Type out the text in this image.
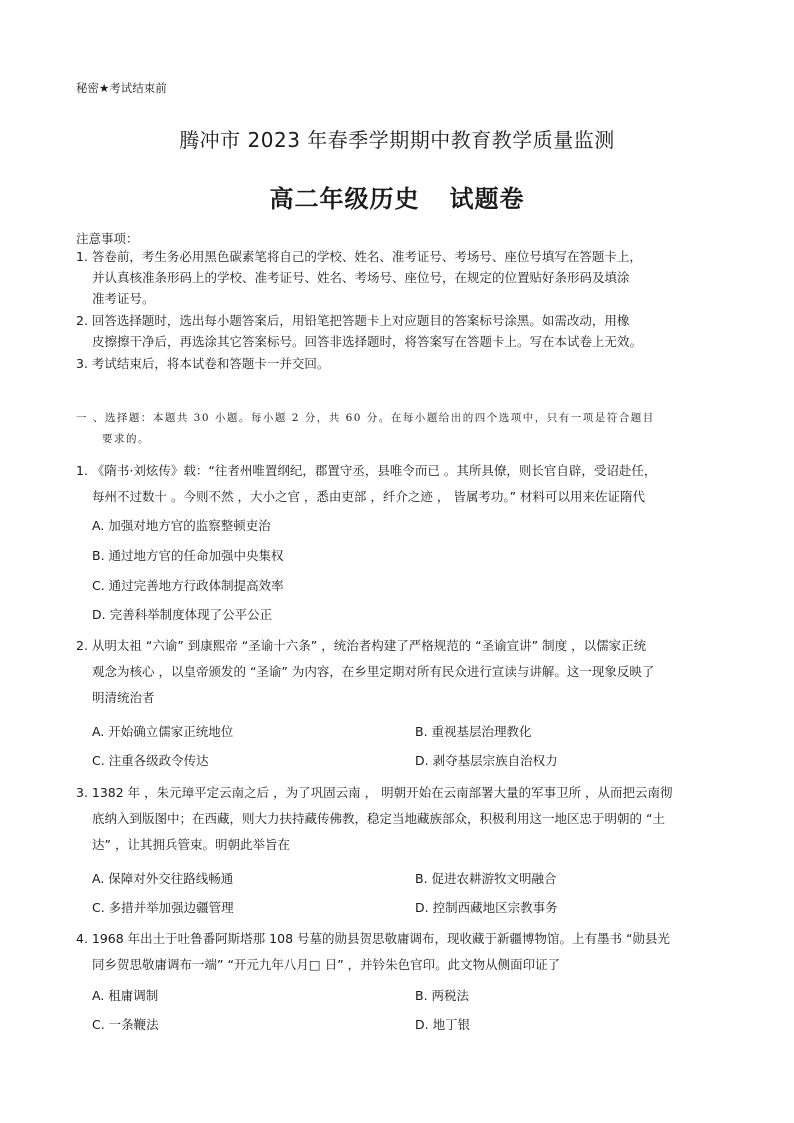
秘密★考试结束前
腾冲市 2023 年春季学期期中教育教学质量监测
高二年级历史 试题卷
注意事项：
1. 答卷前，考生务必用黑色碳素笔将自己的学校、姓名、准考证号、考场号、座位号填写在答题卡上，
并认真核准条形码上的学校、准考证号、姓名、考场号、座位号，在规定的位置贴好条形码及填涂
准考证号。
2. 回答选择题时，选出每小题答案后，用铅笔把答题卡上对应题目的答案标号涂黑。如需改动，用橡
皮擦擦干净后，再选涂其它答案标号。回答非选择题时，将答案写在答题卡上。写在本试卷上无效。
3. 考试结束后，将本试卷和答题卡一并交回。
一 、选择题：本题共 30 小题。每小题 2 分，共 60 分。在每小题给出的四个选项中，只有一项是符合题目
要求的。
1. 《隋书·刘炫传》载：“往者州唯置纲纪，郡置守丞，县唯令而已 。其所具僚，则长官自辟，受诏赴任，
每州不过数十 。今则不然 ，大小之官 ，悉由吏部 ，纤介之迹 ， 皆属考功。” 材料可以用来佐证隋代
A. 加强对地方官的监察整顿吏治
B. 通过地方官的任命加强中央集权
C. 通过完善地方行政体制提高效率
D. 完善科举制度体现了公平公正
2. 从明太祖 “六谕” 到康熙帝 “圣谕十六条” ，统治者构建了严格规范的 “圣谕宣讲” 制度 ，以儒家正统
观念为核心 ，以皇帝颁发的 “圣谕” 为内容，在乡里定期对所有民众进行宣读与讲解。这一现象反映了
明清统治者
A. 开始确立儒家正统地位	B. 重视基层治理教化
C. 注重各级政令传达	D. 剥夺基层宗族自治权力
3. 1382 年 ，朱元璋平定云南之后 ，为了巩固云南 ， 明朝开始在云南部署大量的军事卫所 ，从而把云南彻
底纳入到版图中；在西藏，则大力扶持藏传佛教，稳定当地藏族部众，积极利用这一地区忠于明朝的 “土
达” ，让其拥兵管束。明朝此举旨在
A. 保障对外交往路线畅通	B. 促进农耕游牧文明融合
C. 多措并举加强边疆管理	D. 控制西藏地区宗教事务
4. 1968 年出土于吐鲁番阿斯塔那 108 号墓的勋县贺思敬庸调布，现收藏于新疆博物馆。上有墨书 “勋县光
同乡贺思敬庸调布一端” “开元九年八月□ 日” ，并钤朱色官印。此文物从侧面印证了
A. 租庸调制	B. 两税法
C. 一条鞭法	D. 地丁银
